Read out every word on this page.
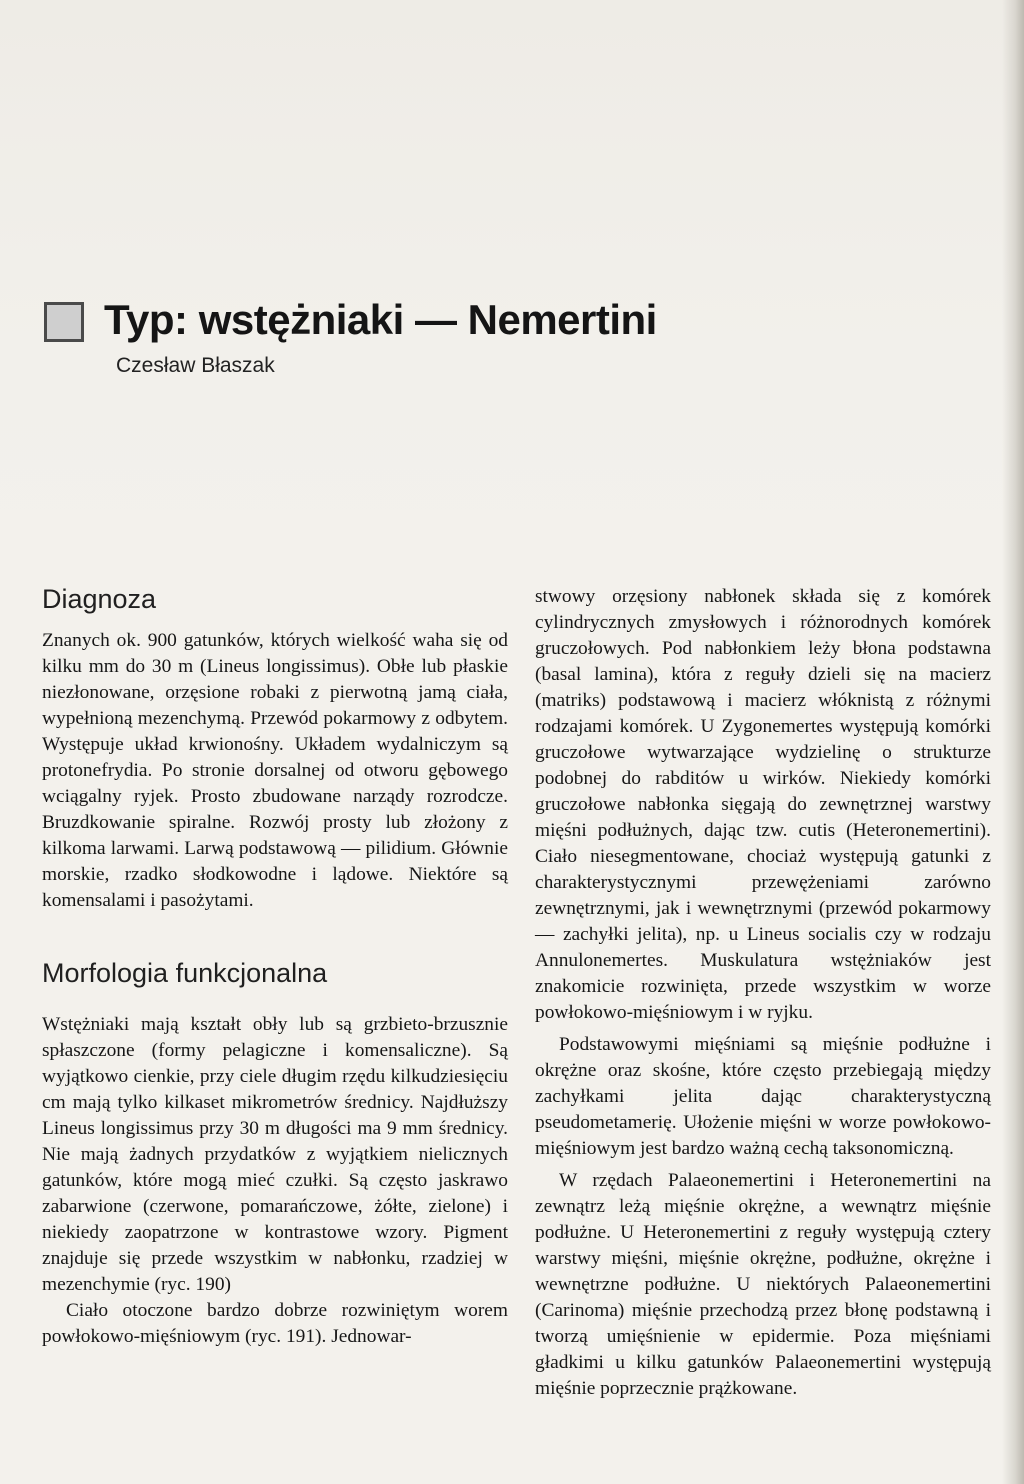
Typ: wstężniaki — Nemertini
Czesław Błaszak
Diagnoza

Znanych ok. 900 gatunków, których wielkość waha się od kilku mm do 30 m (Lineus longissimus). Obłe lub płaskie niezłonowane, orzęsione robaki z pierwotną jamą ciała, wypełnioną mezenchymą. Przewód pokarmowy z odbytem. Występuje układ krwionośny. Układem wydalniczym są protonefrydia. Po stronie dorsalnej od otworu gębowego wciągalny ryjek. Prosto zbudowane narządy rozrodcze. Bruzdkowanie spiralne. Rozwój prosty lub złożony z kilkoma larwami. Larwą podstawową — pilidium. Głównie morskie, rzadko słodkowodne i lądowe. Niektóre są komensalami i pasożytami.

Morfologia funkcjonalna

Wstężniaki mają kształt obły lub są grzbieto-brzusznie spłaszczone (formy pelagiczne i komensaliczne). Są wyjątkowo cienkie, przy ciele długim rzędu kilkudziesięciu cm mają tylko kilkaset mikrometrów średnicy. Najdłuższy Lineus longissimus przy 30 m długości ma 9 mm średnicy. Nie mają żadnych przydatków z wyjątkiem nielicznych gatunków, które mogą mieć czułki. Są często jaskrawo zabarwione (czerwone, pomarańczowe, żółte, zielone) i niekiedy zaopatrzone w kontrastowe wzory. Pigment znajduje się przede wszystkim w nabłonku, rzadziej w mezenchymie (ryc. 190)

Ciało otoczone bardzo dobrze rozwiniętym worem powłokowo-mięśniowym (ryc. 191). Jednowar-

stwowy orzęsiony nabłonek składa się z komórek cylindrycznych zmysłowych i różnorodnych komórek gruczołowych. Pod nabłonkiem leży błona podstawna (basal lamina), która z reguły dzieli się na macierz (matriks) podstawową i macierz włóknistą z różnymi rodzajami komórek. U Zygonemertes występują komórki gruczołowe wytwarzające wydzielinę o strukturze podobnej do rabditów u wirków. Niekiedy komórki gruczołowe nabłonka sięgają do zewnętrznej warstwy mięśni podłużnych, dając tzw. cutis (Heteronemertini). Ciało niesegmentowane, chociaż występują gatunki z charakterystycznymi przewężeniami zarówno zewnętrznymi, jak i wewnętrznymi (przewód pokarmowy — zachyłki jelita), np. u Lineus socialis czy w rodzaju Annulonemertes. Muskulatura wstężniaków jest znakomicie rozwinięta, przede wszystkim w worze powłokowo-mięśniowym i w ryjku.

Podstawowymi mięśniami są mięśnie podłużne i okrężne oraz skośne, które często przebiegają między zachyłkami jelita dając charakterystyczną pseudometamerię. Ułożenie mięśni w worze powłokowo-mięśniowym jest bardzo ważną cechą taksonomiczną.

W rzędach Palaeonemertini i Heteronemertini na zewnątrz leżą mięśnie okrężne, a wewnątrz mięśnie podłużne. U Heteronemertini z reguły występują cztery warstwy mięśni, mięśnie okrężne, podłużne, okrężne i wewnętrzne podłużne. U niektórych Palaeonemertini (Carinoma) mięśnie przechodzą przez błonę podstawną i tworzą umięśnienie w epidermie. Poza mięśniami gładkimi u kilku gatunków Palaeonemertini występują mięśnie poprzecznie prążkowane.
